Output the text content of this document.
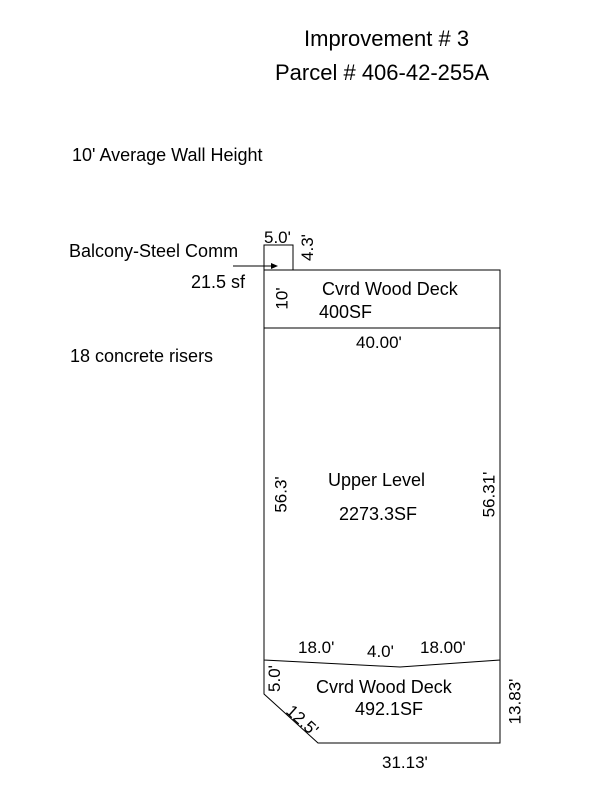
Improvement # 3
Parcel # 406-42-255A
10' Average Wall Height
18 concrete risers
Balcony-Steel Comm
21.5 sf
5.0' 4.3'
Cvrd Wood Deck
400SF
10'
40.00'
Upper Level
2273.3SF
56.3'	56.31'
18.0' 4.0' 18.00'
Cvrd Wood Deck
492.1SF
5.0'
12.5'	13.83'
31.13'
